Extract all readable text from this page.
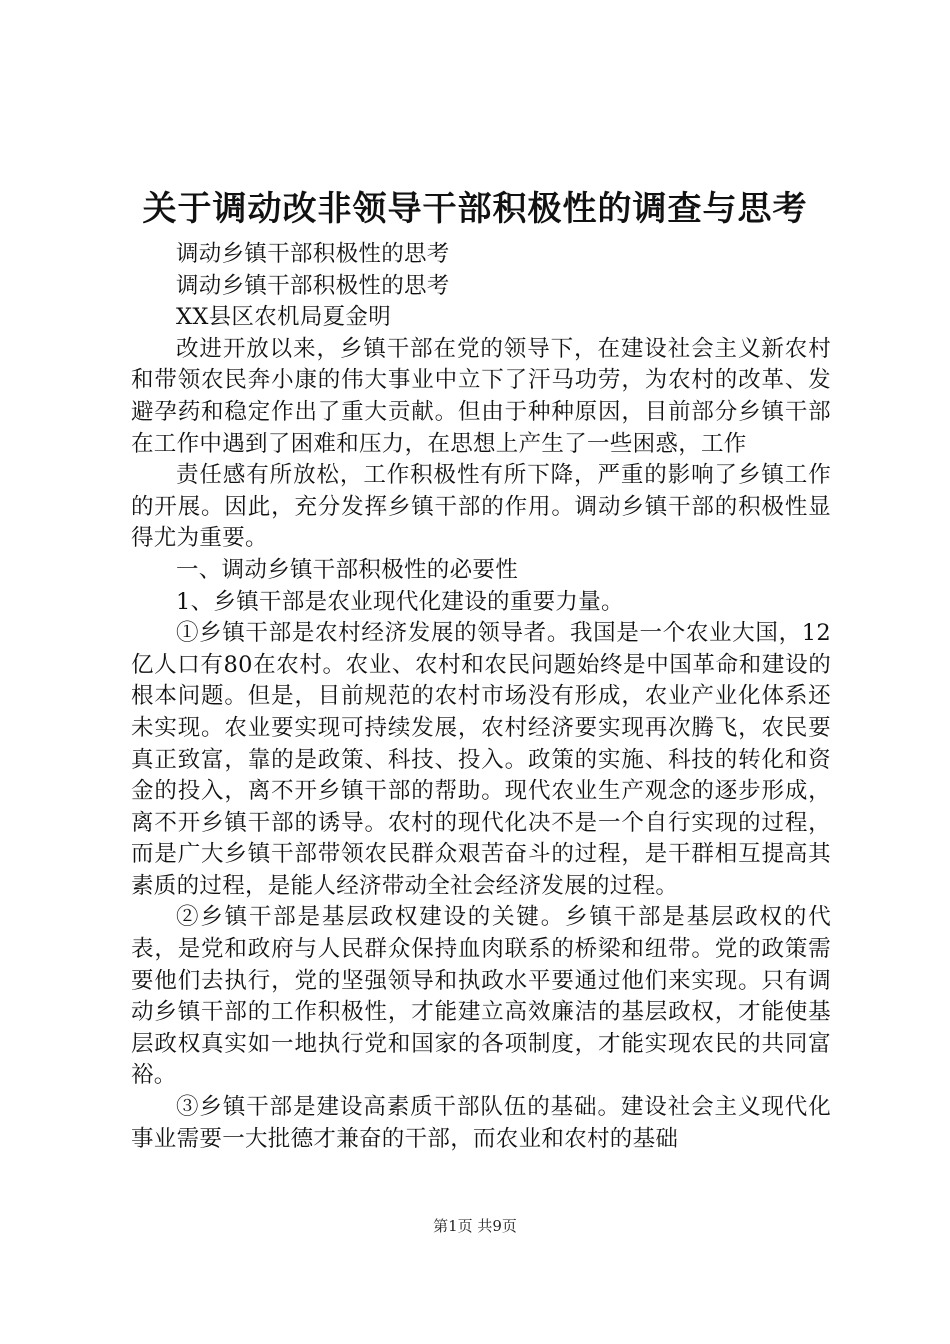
关于调动改非领导干部积极性的调查与思考

调动乡镇干部积极性的思考

调动乡镇干部积极性的思考

XX县区农机局夏金明

改进开放以来，乡镇干部在党的领导下，在建设社会主义新农村和带领农民奔小康的伟大事业中立下了汗马功劳，为农村的改革、发避孕药和稳定作出了重大贡献。但由于种种原因，目前部分乡镇干部在工作中遇到了困难和压力，在思想上产生了一些困惑，工作

责任感有所放松，工作积极性有所下降，严重的影响了乡镇工作的开展。因此，充分发挥乡镇干部的作用。调动乡镇干部的积极性显得尤为重要。

一、调动乡镇干部积极性的必要性

1、乡镇干部是农业现代化建设的重要力量。

①乡镇干部是农村经济发展的领导者。我国是一个农业大国，12亿人口有80在农村。农业、农村和农民问题始终是中国革命和建设的根本问题。但是，目前规范的农村市场没有形成，农业产业化体系还未实现。农业要实现可持续发展，农村经济要实现再次腾飞，农民要真正致富，靠的是政策、科技、投入。政策的实施、科技的转化和资金的投入，离不开乡镇干部的帮助。现代农业生产观念的逐步形成，离不开乡镇干部的诱导。农村的现代化决不是一个自行实现的过程，而是广大乡镇干部带领农民群众艰苦奋斗的过程，是干群相互提高其素质的过程，是能人经济带动全社会经济发展的过程。

②乡镇干部是基层政权建设的关键。乡镇干部是基层政权的代表，是党和政府与人民群众保持血肉联系的桥梁和纽带。党的政策需要他们去执行，党的坚强领导和执政水平要通过他们来实现。只有调动乡镇干部的工作积极性，才能建立高效廉洁的基层政权，才能使基层政权真实如一地执行党和国家的各项制度，才能实现农民的共同富裕。

③乡镇干部是建设高素质干部队伍的基础。建设社会主义现代化事业需要一大批德才兼奋的干部，而农业和农村的基础

第1页 共9页
